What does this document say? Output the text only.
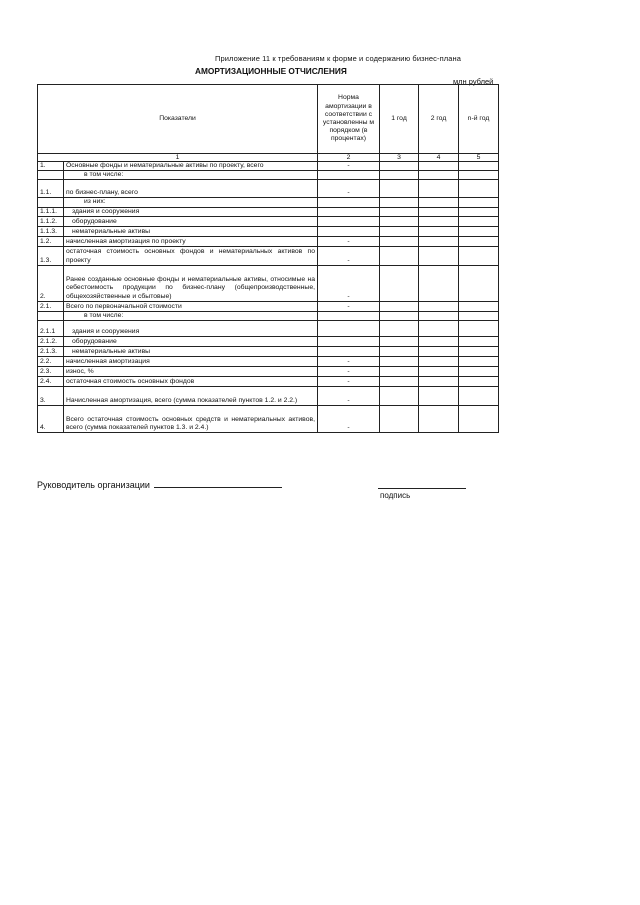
Приложение 11 к требованиям к форме и содержанию бизнес-плана
АМОРТИЗАЦИОННЫЕ ОТЧИСЛЕНИЯ
млн рублей
Показатели		Норма амортизации в соответствии с установленны м порядком (в процентах)	1 год	2 год	n-й год
1		2	3	4	5
1.	Основные фонды и нематериальные активы по проекту, всего	-			
	в том числе:				
1.1.	по бизнес-плану, всего	-			
	из них:				
1.1.1.	здания и сооружения				
1.1.2.	оборудование				
1.1.3.	нематериальные активы				
1.2.	начисленная амортизация по проекту	-			
1.3.	остаточная стоимость основных фондов и нематериальных активов по проекту	-			
2.	Ранее созданные основные фонды и нематериальные активы, относимые на себестоимость продукции по бизнес-плану (общепроизводственные, общехозяйственные и сбытовые)	-			
2.1.	Всего по первоначальной стоимости	-			
	в том числе:				
2.1.1	здания и сооружения				
2.1.2.	оборудование				
2.1.3.	нематериальные активы				
2.2.	начисленная амортизация	-			
2.3.	износ, %	-			
2.4.	остаточная стоимость основных фондов	-			
3.	Начисленная амортизация, всего (сумма показателей пунктов 1.2. и 2.2.)	-			
4.	Всего остаточная стоимость основных средств и нематериальных активов, всего (сумма показателей пунктов 1.3. и 2.4.)	-			
Руководитель организации
подпись
